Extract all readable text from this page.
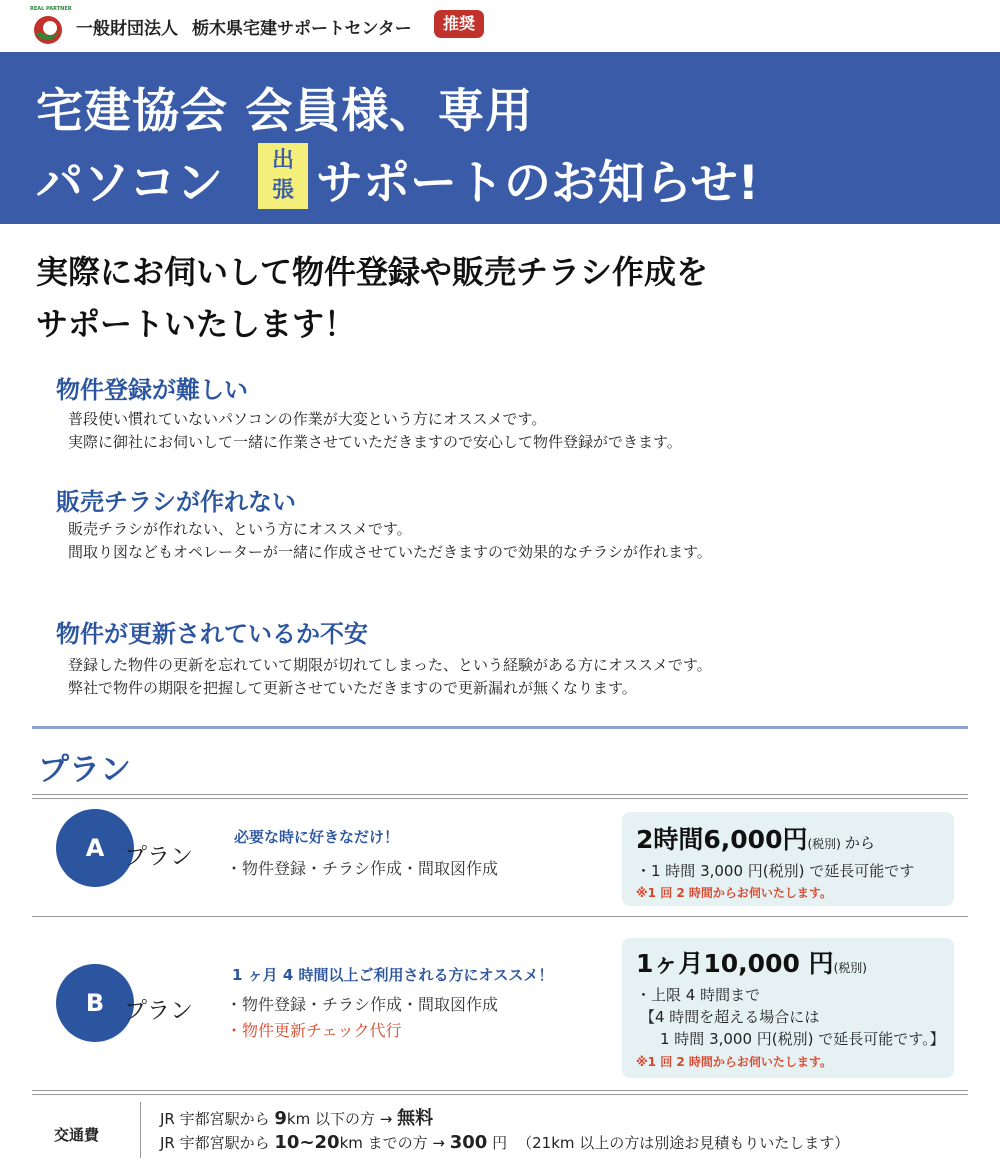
REAL PARTNER
一般財団法人 栃木県宅建サポートセンター	推奨
宅建協会 会員様、専用
パソコン	出
張 サポートのお知らせ!
実際にお伺いして物件登録や販売チラシ作成を
サポートいたします！
物件登録が難しい
普段使い慣れていないパソコンの作業が大変という方にオススメです。
実際に御社にお伺いして一緒に作業させていただきますので安心して物件登録ができます。
販売チラシが作れない
販売チラシが作れない、という方にオススメです。
間取り図などもオペレーターが一緒に作成させていただきますので効果的なチラシが作れます。
物件が更新されているか不安
登録した物件の更新を忘れていて期限が切れてしまった、という経験がある方にオススメです。
弊社で物件の期限を把握して更新させていただきますので更新漏れが無くなります。
プラン
A プラン
必要な時に好きなだけ！
・物件登録・チラシ作成・間取図作成
2時間6,000円(税別) から
・1 時間 3,000 円(税別) で延長可能です
※1 回 2 時間からお伺いたします。
B プラン
1 ヶ月 4 時間以上ご利用される方にオススメ！
・物件登録・チラシ作成・間取図作成
・物件更新チェック代行
1ヶ月10,000 円(税別)
・上限 4 時間まで
【4 時間を超える場合には
1 時間 3,000 円(税別) で延長可能です。】
※1 回 2 時間からお伺いたします。
交通費
JR 宇都宮駅から 9km 以下の方 → 無料
JR 宇都宮駅から 10~20km までの方 → 300 円 （21km 以上の方は別途お見積もりいたします）
